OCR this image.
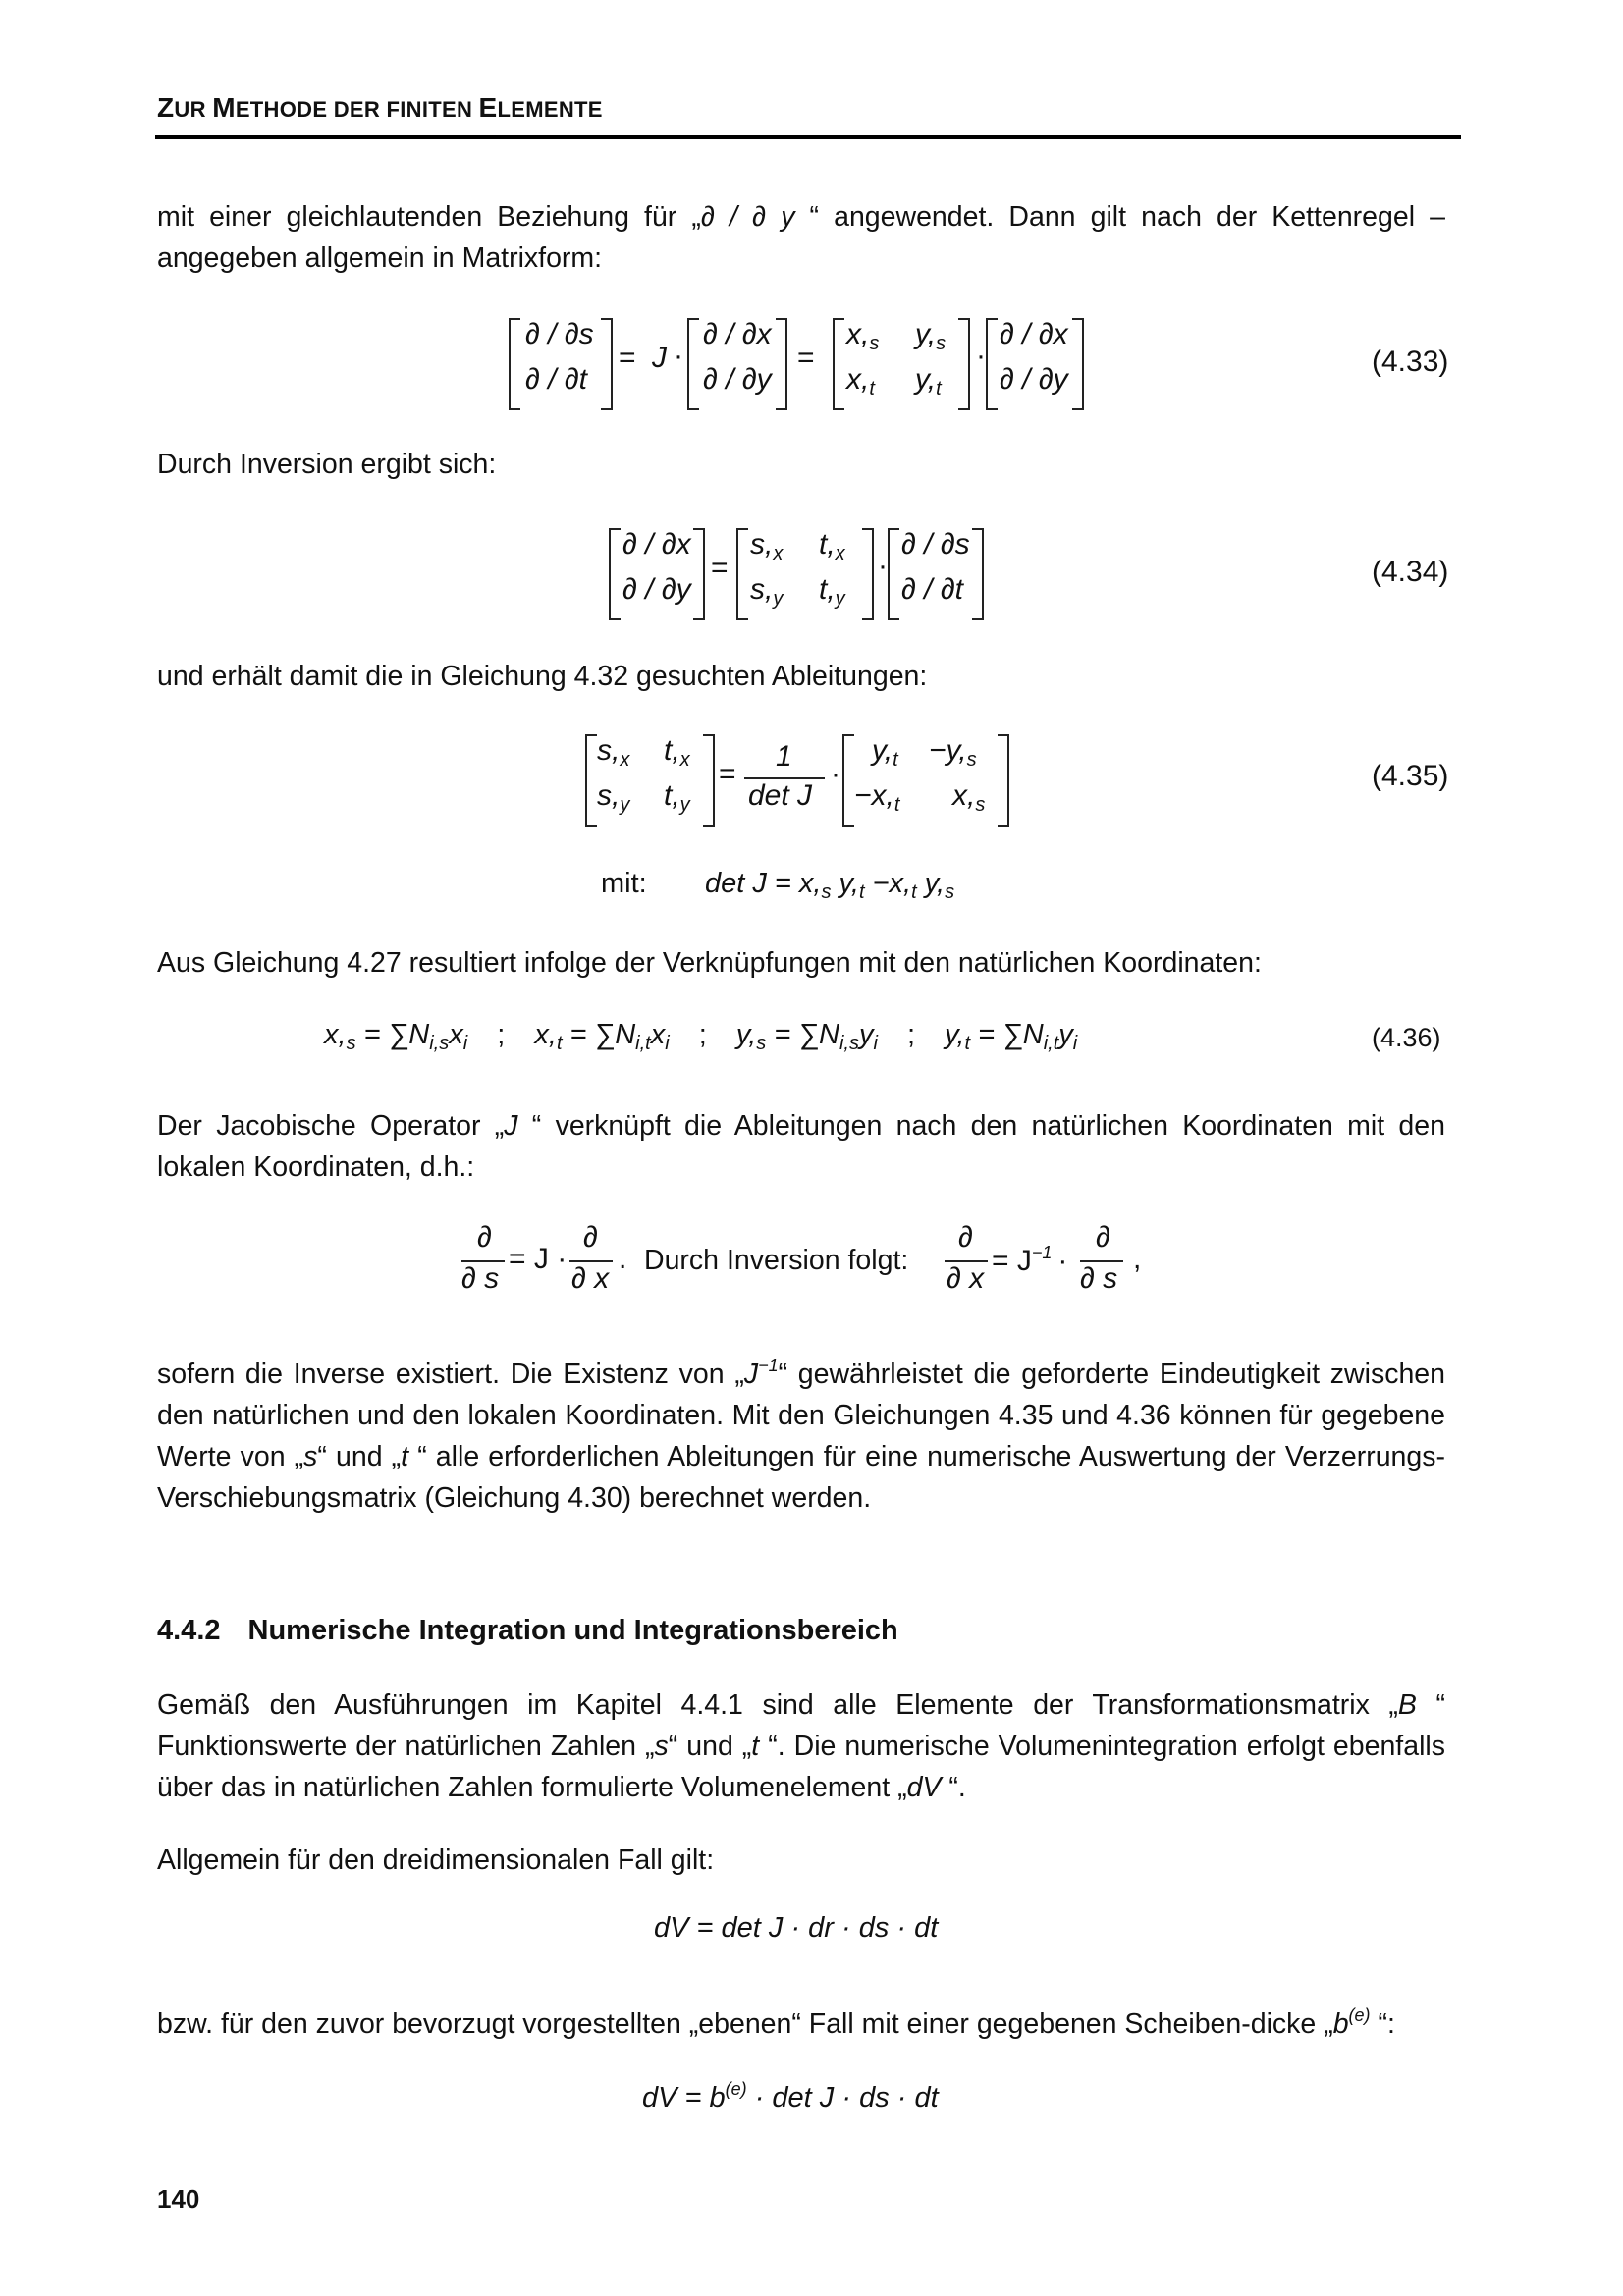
ZUR METHODE DER FINITEN ELEMENTE
mit einer gleichlautenden Beziehung für „∂ / ∂ y “ angewendet. Dann gilt nach der Kettenregel – angegeben allgemein in Matrixform:
∂ / ∂s
∂ / ∂t
= J ·
∂ / ∂x
∂ / ∂y
=
$x,_s$ $y,_s$
$x,_t$ $y,_t$
·
∂ / ∂x
∂ / ∂y
(4.33)
Durch Inversion ergibt sich:
∂ / ∂x
∂ / ∂y
=
$s,_x$ $t,_x$
$s,_y$ $t,_y$
·
∂ / ∂s
∂ / ∂t
(4.34)
und erhält damit die in Gleichung 4.32 gesuchten Ableitungen:
$s,_x$ $t,_x$
$s,_y$ $t,_y$
=
1
det J
·
$y,_t -y,_s$
$-x,_t$ $x,_s$
(4.35)
mit: $\det J = x,_s$ $y,_t -x,_t$ $y,_s$
Aus Gleichung 4.27 resultiert infolge der Verknüpfungen mit den natürlichen Koordinaten:
$x,_s = \sum N_{i,s}x_i$ ; $x,_t = \sum N_{i,t}x_i$ ; $y,_s = \sum N_{i,s}y_i$ ; $y,_t = \sum N_{i,t}y_i$	(4.36)
Der Jacobische Operator „J “ verknüpft die Ableitungen nach den natürlichen Koordinaten mit den lokalen Koordinaten, d.h.:
∂
∂ s
= J ·
∂
∂ x
. Durch Inversion folgt:
∂
∂ x
= $J^{-1}$ ·
∂
∂ s
,
sofern die Inverse existiert. Die Existenz von $„J^{-1}“$ gewährleistet die geforderte Eindeutigkeit zwischen den natürlichen und den lokalen Koordinaten. Mit den Gleichungen 4.35 und 4.36 können für gegebene Werte von „s“ und „t “ alle erforderlichen Ableitungen für eine numerische Auswertung der Verzerrungs-Verschiebungsmatrix (Gleichung 4.30) berechnet werden.
4.4.2 Numerische Integration und Integrationsbereich
Gemäß den Ausführungen im Kapitel 4.4.1 sind alle Elemente der Transformationsmatrix „B “ Funktionswerte der natürlichen Zahlen „s“ und „t “. Die numerische Volumenintegration erfolgt ebenfalls über das in natürlichen Zahlen formulierte Volumenelement „dV “.
Allgemein für den dreidimensionalen Fall gilt:
dV = det J · dr · ds · dt
bzw. für den zuvor bevorzugt vorgestellten „ebenen“ Fall mit einer gegebenen Scheiben-dicke $„b^{(e)}$ “:
dV = $b^{(e)} \cdot \det J$ · ds · dt
140
